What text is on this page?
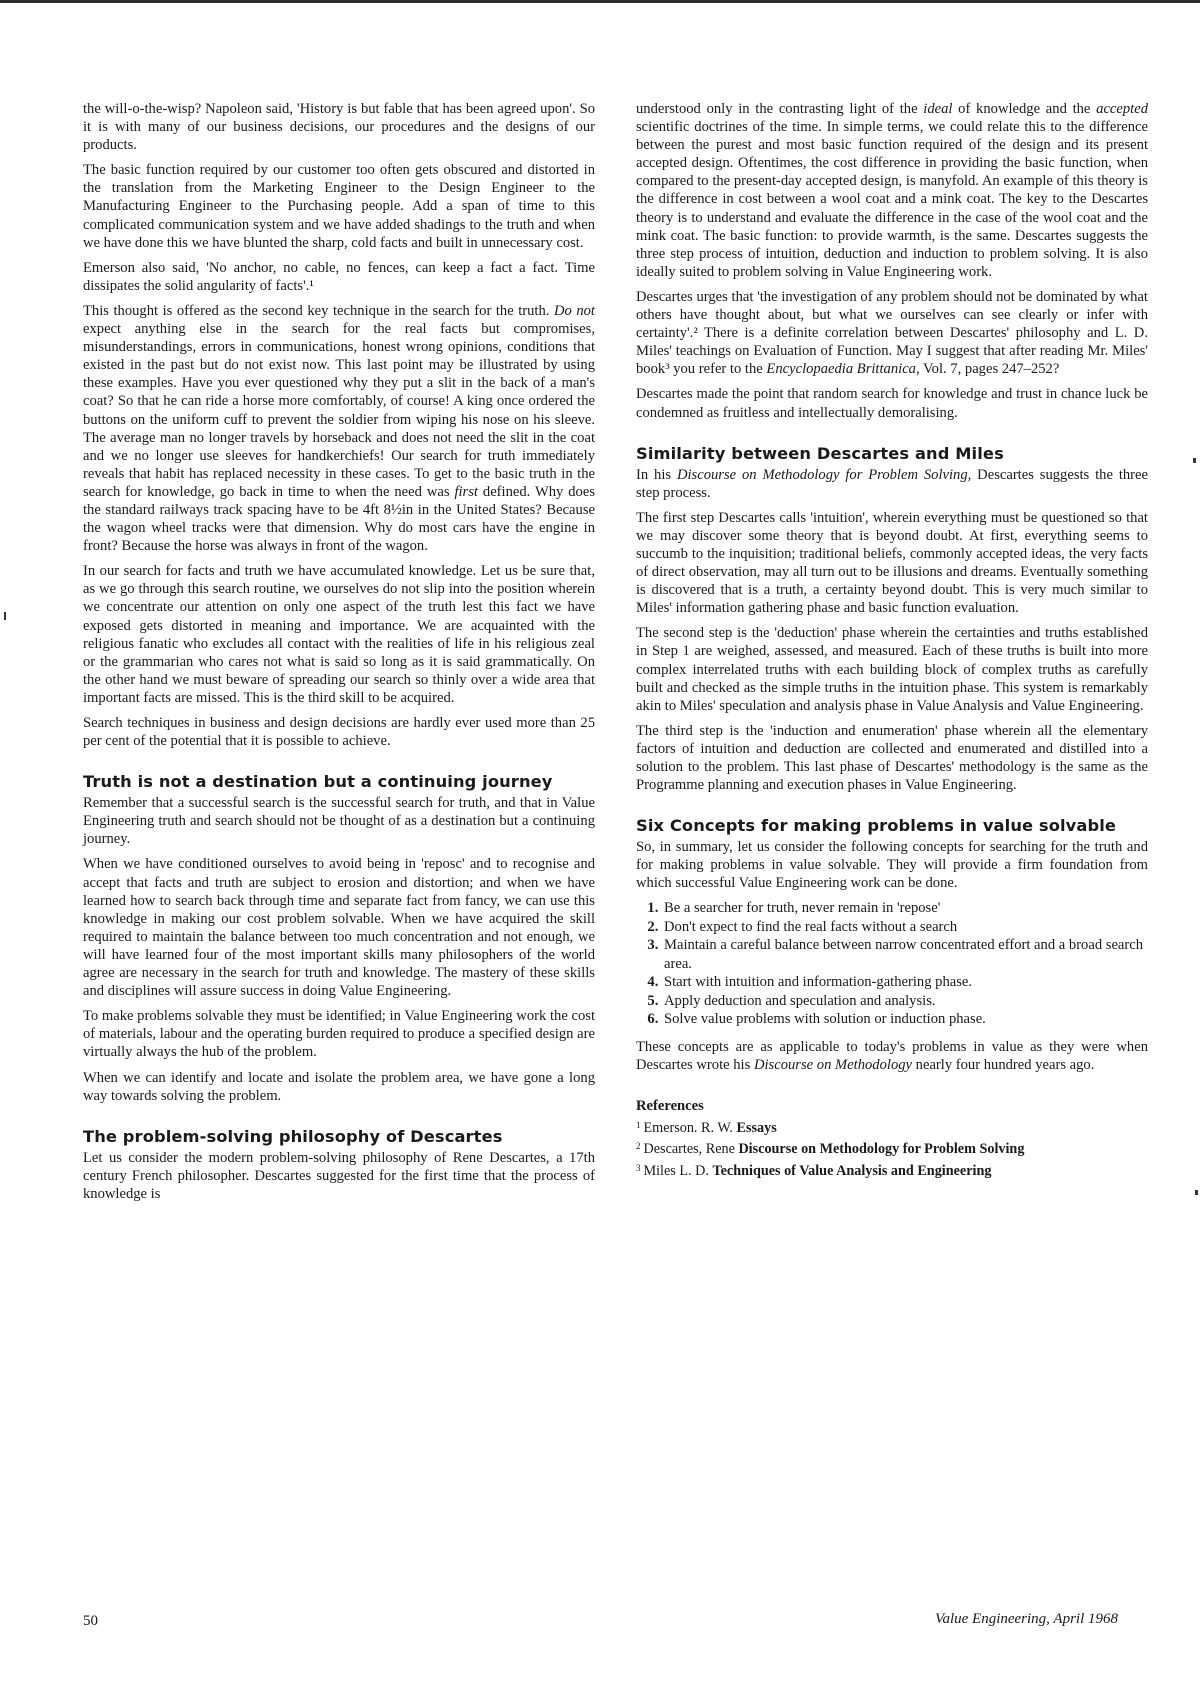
the will-o-the-wisp? Napoleon said, 'History is but fable that has been agreed upon'. So it is with many of our business decisions, our procedures and the designs of our products.

The basic function required by our customer too often gets obscured and distorted in the translation from the Marketing Engineer to the Design Engineer to the Manufacturing Engineer to the Purchasing people. Add a span of time to this complicated communication system and we have added shadings to the truth and when we have done this we have blunted the sharp, cold facts and built in unnecessary cost.

Emerson also said, 'No anchor, no cable, no fences, can keep a fact a fact. Time dissipates the solid angularity of facts'.¹

This thought is offered as the second key technique in the search for the truth. Do not expect anything else in the search for the real facts but compromises, misunderstandings, errors in communications, honest wrong opinions, conditions that existed in the past but do not exist now. This last point may be illustrated by using these examples. Have you ever questioned why they put a slit in the back of a man's coat? So that he can ride a horse more comfortably, of course! A king once ordered the buttons on the uniform cuff to prevent the soldier from wiping his nose on his sleeve. The average man no longer travels by horseback and does not need the slit in the coat and we no longer use sleeves for handkerchiefs! Our search for truth immediately reveals that habit has replaced necessity in these cases. To get to the basic truth in the search for knowledge, go back in time to when the need was first defined. Why does the standard railways track spacing have to be 4ft 8½in in the United States? Because the wagon wheel tracks were that dimension. Why do most cars have the engine in front? Because the horse was always in front of the wagon.

In our search for facts and truth we have accumulated knowledge. Let us be sure that, as we go through this search routine, we ourselves do not slip into the position wherein we concentrate our attention on only one aspect of the truth lest this fact we have exposed gets distorted in meaning and importance. We are acquainted with the religious fanatic who excludes all contact with the realities of life in his religious zeal or the grammarian who cares not what is said so long as it is said grammatically. On the other hand we must beware of spreading our search so thinly over a wide area that important facts are missed. This is the third skill to be acquired.

Search techniques in business and design decisions are hardly ever used more than 25 per cent of the potential that it is possible to achieve.

Truth is not a destination but a continuing journey

Remember that a successful search is the successful search for truth, and that in Value Engineering truth and search should not be thought of as a destination but a continuing journey.

When we have conditioned ourselves to avoid being in 'reposc' and to recognise and accept that facts and truth are subject to erosion and distortion; and when we have learned how to search back through time and separate fact from fancy, we can use this knowledge in making our cost problem solvable. When we have acquired the skill required to maintain the balance between too much concentration and not enough, we will have learned four of the most important skills many philosophers of the world agree are necessary in the search for truth and knowledge. The mastery of these skills and disciplines will assure success in doing Value Engineering.

To make problems solvable they must be identified; in Value Engineering work the cost of materials, labour and the operating burden required to produce a specified design are virtually always the hub of the problem.

When we can identify and locate and isolate the problem area, we have gone a long way towards solving the problem.

The problem-solving philosophy of Descartes

Let us consider the modern problem-solving philosophy of Rene Descartes, a 17th century French philosopher. Descartes suggested for the first time that the process of knowledge is

understood only in the contrasting light of the ideal of knowledge and the accepted scientific doctrines of the time. In simple terms, we could relate this to the difference between the purest and most basic function required of the design and its present accepted design. Oftentimes, the cost difference in providing the basic function, when compared to the present-day accepted design, is manyfold. An example of this theory is the difference in cost between a wool coat and a mink coat. The key to the Descartes theory is to understand and evaluate the difference in the case of the wool coat and the mink coat. The basic function: to provide warmth, is the same. Descartes suggests the three step process of intuition, deduction and induction to problem solving. It is also ideally suited to problem solving in Value Engineering work.

Descartes urges that 'the investigation of any problem should not be dominated by what others have thought about, but what we ourselves can see clearly or infer with certainty'.² There is a definite correlation between Descartes' philosophy and L. D. Miles' teachings on Evaluation of Function. May I suggest that after reading Mr. Miles' book³ you refer to the Encyclopaedia Brittanica, Vol. 7, pages 247–252?

Descartes made the point that random search for knowledge and trust in chance luck be condemned as fruitless and intellectually demoralising.

Similarity between Descartes and Miles

In his Discourse on Methodology for Problem Solving, Descartes suggests the three step process.

The first step Descartes calls 'intuition', wherein everything must be questioned so that we may discover some theory that is beyond doubt. At first, everything seems to succumb to the inquisition; traditional beliefs, commonly accepted ideas, the very facts of direct observation, may all turn out to be illusions and dreams. Eventually something is discovered that is a truth, a certainty beyond doubt. This is very much similar to Miles' information gathering phase and basic function evaluation.

The second step is the 'deduction' phase wherein the certainties and truths established in Step 1 are weighed, assessed, and measured. Each of these truths is built into more complex interrelated truths with each building block of complex truths as carefully built and checked as the simple truths in the intuition phase. This system is remarkably akin to Miles' speculation and analysis phase in Value Analysis and Value Engineering.

The third step is the 'induction and enumeration' phase wherein all the elementary factors of intuition and deduction are collected and enumerated and distilled into a solution to the problem. This last phase of Descartes' methodology is the same as the Programme planning and execution phases in Value Engineering.

Six Concepts for making problems in value solvable

So, in summary, let us consider the following concepts for searching for the truth and for making problems in value solvable. They will provide a firm foundation from which successful Value Engineering work can be done.

1. Be a searcher for truth, never remain in 'repose'
2. Don't expect to find the real facts without a search
3. Maintain a careful balance between narrow concentrated effort and a broad search area.
4. Start with intuition and information-gathering phase.
5. Apply deduction and speculation and analysis.
6. Solve value problems with solution or induction phase.

These concepts are as applicable to today's problems in value as they were when Descartes wrote his Discourse on Methodology nearly four hundred years ago.

References
$^1$ Emerson. R. W. Essays
$^2$ Descartes, Rene Discourse on Methodology for Problem Solving
$^3$ Miles L. D. Techniques of Value Analysis and Engineering
50	Value Engineering, April 1968
